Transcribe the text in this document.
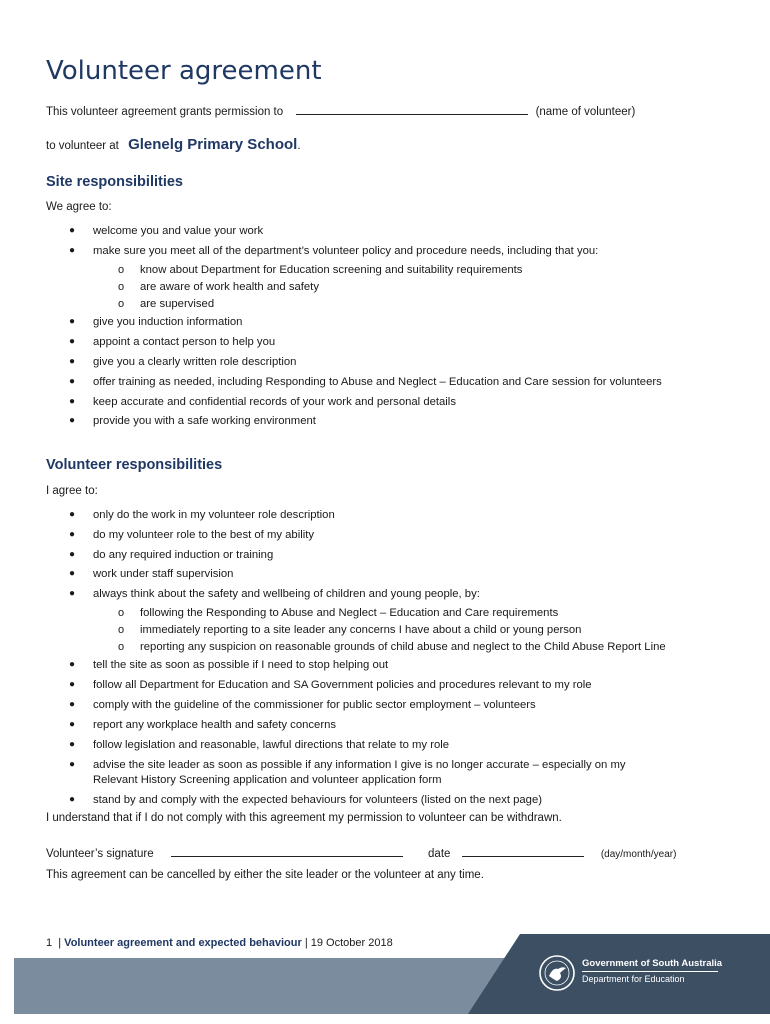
Volunteer agreement
This volunteer agreement grants permission to	(name of volunteer)
to volunteer at Glenelg Primary School.
Site responsibilities
We agree to:
● welcome you and value your work
● make sure you meet all of the department’s volunteer policy and procedure needs, including that you:
o know about Department for Education screening and suitability requirements
o are aware of work health and safety
o are supervised
● give you induction information
● appoint a contact person to help you
● give you a clearly written role description
● offer training as needed, including Responding to Abuse and Neglect – Education and Care session for volunteers
● keep accurate and confidential records of your work and personal details
● provide you with a safe working environment
Volunteer responsibilities
I agree to:
● only do the work in my volunteer role description
● do my volunteer role to the best of my ability
● do any required induction or training
● work under staff supervision
● always think about the safety and wellbeing of children and young people, by:
o following the Responding to Abuse and Neglect – Education and Care requirements
o immediately reporting to a site leader any concerns I have about a child or young person
o reporting any suspicion on reasonable grounds of child abuse and neglect to the Child Abuse Report Line
● tell the site as soon as possible if I need to stop helping out
● follow all Department for Education and SA Government policies and procedures relevant to my role
● comply with the guideline of the commissioner for public sector employment – volunteers
● report any workplace health and safety concerns
● follow legislation and reasonable, lawful directions that relate to my role
● advise the site leader as soon as possible if any information I give is no longer accurate – especially on my
Relevant History Screening application and volunteer application form
● stand by and comply with the expected behaviours for volunteers (listed on the next page)
I understand that if I do not comply with this agreement my permission to volunteer can be withdrawn.
Volunteer’s signature	date	(day/month/year)
This agreement can be cancelled by either the site leader or the volunteer at any time.
1 | Volunteer agreement and expected behaviour | 19 October 2018
Government of South Australia
Department for Education
